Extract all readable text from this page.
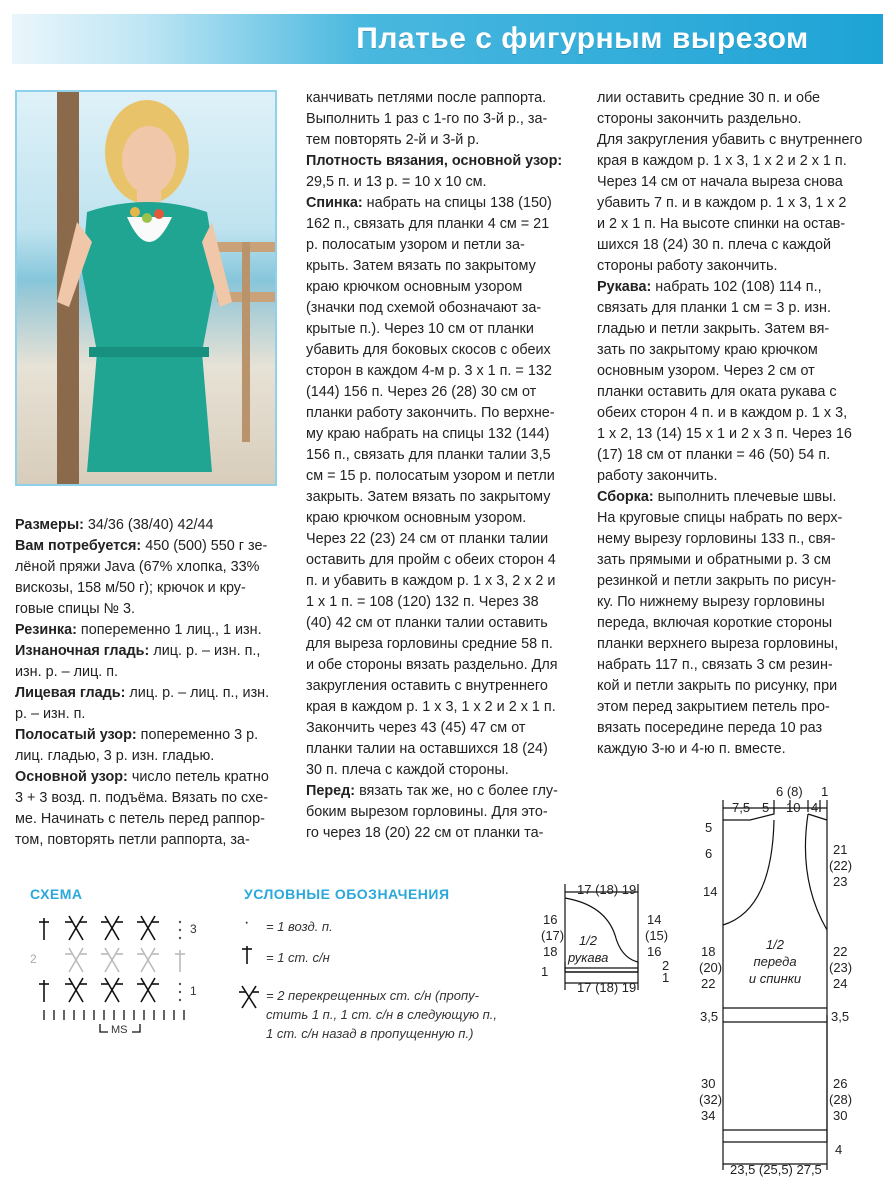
Платье с фигурным вырезом

Размеры: 34/36 (38/40) 42/44

Вам потребуется: 450 (500) 550 г зе-

лёной пряжи Java (67% хлопка, 33%

вискозы, 158 м/50 г); крючок и кру-

говые спицы № 3.

Резинка: попеременно 1 лиц., 1 изн.

Изнаночная гладь: лиц. р. – изн. п.,

изн. р. – лиц. п.

Лицевая гладь: лиц. р. – лиц. п., изн.

р. – изн. п.

Полосатый узор: попеременно 3 р.

лиц. гладью, 3 р. изн. гладью.

Основной узор: число петель кратно

3 + 3 возд. п. подъёма. Вязать по схе-

ме. Начинать с петель перед раппор-

том, повторять петли раппорта, за-

канчивать петлями после раппорта.

Выполнить 1 раз с 1-го по 3-й р., за-

тем повторять 2-й и 3-й р.

Плотность вязания, основной узор:

29,5 п. и 13 р. = 10 х 10 см.

Спинка: набрать на спицы 138 (150)

162 п., связать для планки 4 см = 21

р. полосатым узором и петли за-

крыть. Затем вязать по закрытому

краю крючком основным узором

(значки под схемой обозначают за-

крытые п.). Через 10 см от планки

убавить для боковых скосов с обеих

сторон в каждом 4-м р. 3 х 1 п. = 132

(144) 156 п. Через 26 (28) 30 см от

планки работу закончить. По верхне-

му краю набрать на спицы 132 (144)

156 п., связать для планки талии 3,5

см = 15 р. полосатым узором и петли

закрыть. Затем вязать по закрытому

краю крючком основным узором.

Через 22 (23) 24 см от планки талии

оставить для пройм с обеих сторон 4

п. и убавить в каждом р. 1 х 3, 2 х 2 и

1 х 1 п. = 108 (120) 132 п. Через 38

(40) 42 см от планки талии оставить

для выреза горловины средние 58 п.

и обе стороны вязать раздельно. Для

закругления оставить с внутреннего

края в каждом р. 1 х 3, 1 х 2 и 2 х 1 п.

Закончить через 43 (45) 47 см от

планки талии на оставшихся 18 (24)

30 п. плеча с каждой стороны.

Перед: вязать так же, но с более глу-

боким вырезом горловины. Для это-

го через 18 (20) 22 см от планки та-

лии оставить средние 30 п. и обе

стороны закончить раздельно.

Для закругления убавить с внутреннего

края в каждом р. 1 х 3, 1 х 2 и 2 х 1 п.

Через 14 см от начала выреза снова

убавить 7 п. и в каждом р. 1 х 3, 1 х 2

и 2 х 1 п. На высоте спинки на остав-

шихся 18 (24) 30 п. плеча с каждой

стороны работу закончить.

Рукава: набрать 102 (108) 114 п.,

связать для планки 1 см = 3 р. изн.

гладью и петли закрыть. Затем вя-

зать по закрытому краю крючком

основным узором. Через 2 см от

планки оставить для оката рукава с

обеих сторон 4 п. и в каждом р. 1 х 3,

1 х 2, 13 (14) 15 х 1 и 2 х 3 п. Через 16

(17) 18 см от планки = 46 (50) 54 п.

работу закончить.

Сборка: выполнить плечевые швы.

На круговые спицы набрать по верх-

нему вырезу горловины 133 п., свя-

зать прямыми и обратными р. 3 см

резинкой и петли закрыть по рисун-

ку. По нижнему вырезу горловины

переда, включая короткие стороны

планки верхнего выреза горловины,

набрать 117 п., связать 3 см резин-

кой и петли закрыть по рисунку, при

этом перед закрытием петель про-

вязать посередине переда 10 раз

каждую 3-ю и 4-ю п. вместе.

СХЕМА
3
2
1
MS
УСЛОВНЫЕ ОБОЗНАЧЕНИЯ
· = 1 возд. п.
= 1 ст. с/н
= 2 перекрещенных ст. с/н (пропу-
стить 1 п., 1 ст. с/н в следующую п.,
1 ст. с/н назад в пропущенную п.)
17 (18) 19
17 (18) 19
16
(17)
18
1
14
(15)
16
2
1
1/2
рукава
6 (8) 1
7,5 5 10 4
5
6
14
18
(20)
22
3,5
30
(32)
34
21
(22)
23
22
(23)
24
3,5
26
(28)
30
4
23,5 (25,5) 27,5
1/2
переда
и спинки
